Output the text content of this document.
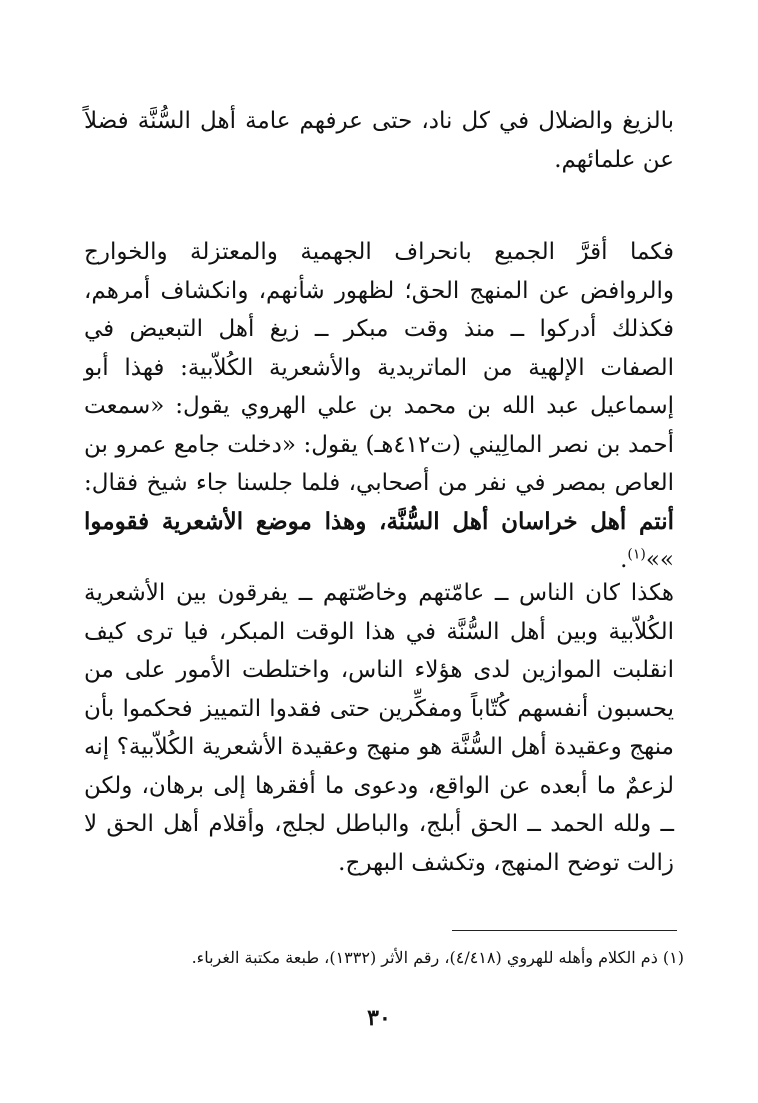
بالزيغ والضلال في كل ناد، حتى عرفهم عامة أهل السُّنَّة فضلاً عن علمائهم.

فكما أقرَّ الجميع بانحراف الجهمية والمعتزلة والخوارج والروافض عن المنهج الحق؛ لظهور شأنهم، وانكشاف أمرهم، فكذلك أدركوا ــ منذ وقت مبكر ــ زيغ أهل التبعيض في الصفات الإلهية من الماتريدية والأشعرية الكُلاّبية: فهذا أبو إسماعيل عبد الله بن محمد بن علي الهروي يقول: «سمعت أحمد بن نصر المالِيني (ت٤١٢هـ) يقول: «دخلت جامع عمرو بن العاص بمصر في نفر من أصحابي، فلما جلسنا جاء شيخ فقال: أنتم أهل خراسان أهل السُّنَّة، وهذا موضع الأشعرية فقوموا »»$^{(١)}$.

هكذا كان الناس ــ عامّتهم وخاصّتهم ــ يفرقون بين الأشعرية الكُلاّبية وبين أهل السُّنَّة في هذا الوقت المبكر، فيا ترى كيف انقلبت الموازين لدى هؤلاء الناس، واختلطت الأمور على من يحسبون أنفسهم كُتّاباً ومفكِّرين حتى فقدوا التمييز فحكموا بأن منهج وعقيدة أهل السُّنَّة هو منهج وعقيدة الأشعرية الكُلاّبية؟ إنه لزعمٌ ما أبعده عن الواقع، ودعوى ما أفقرها إلى برهان، ولكن ــ ولله الحمد ــ الحق أبلج، والباطل لجلج، وأقلام أهل الحق لا زالت توضح المنهج، وتكشف البهرج.

(١) ذم الكلام وأهله للهروي (٤/٤١٨)، رقم الأثر (١٣٣٢)، طبعة مكتبة الغرباء.

٣٠
